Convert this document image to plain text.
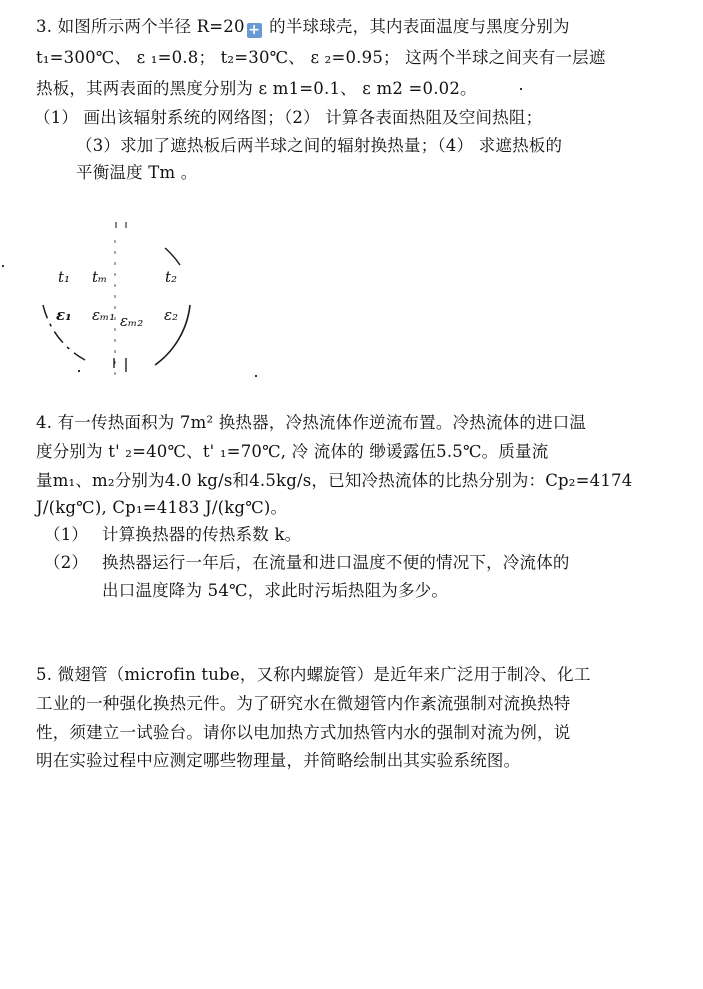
3. 如图所示两个半径 R=20 + 的半球球壳，其内表面温度与黑度分别为
t₁=300℃、 ε ₁=0.8； t₂=30℃、 ε ₂=0.95； 这两个半球之间夹有一层遮
热板，其两表面的黑度分别为 ε m1=0.1、 ε m2 =0.02。
（1） 画出该辐射系统的网络图；（2） 计算各表面热阻及空间热阻；
（3）求加了遮热板后两半球之间的辐射换热量；（4） 求遮热板的
平衡温度 Tm 。
t₁ tₘ	t₂
ε₁ εₘ₁ εₘ₂ ε₂
4. 有一传热面积为 7m² 换热器，冷热流体作逆流布置。冷热流体的进口温
度分别为 t' ₂=40℃、t' ₁=70℃, 冷 流体的 缈谖露伍5.5℃。质量流
量m₁、m₂分别为4.0 kg/s和4.5kg/s，已知冷热流体的比热分别为：Cp₂=4174
J/(kg℃), Cp₁=4183 J/(kg℃)。
（1） 计算换热器的传热系数 k。
（2） 换热器运行一年后，在流量和进口温度不便的情况下，冷流体的
出口温度降为 54℃，求此时污垢热阻为多少。
5. 微翅管（microfin tube，又称内螺旋管）是近年来广泛用于制冷、化工
工业的一种强化换热元件。为了研究水在微翅管内作紊流强制对流换热特
性，须建立一试验台。请你以电加热方式加热管内水的强制对流为例，说
明在实验过程中应测定哪些物理量，并简略绘制出其实验系统图。
